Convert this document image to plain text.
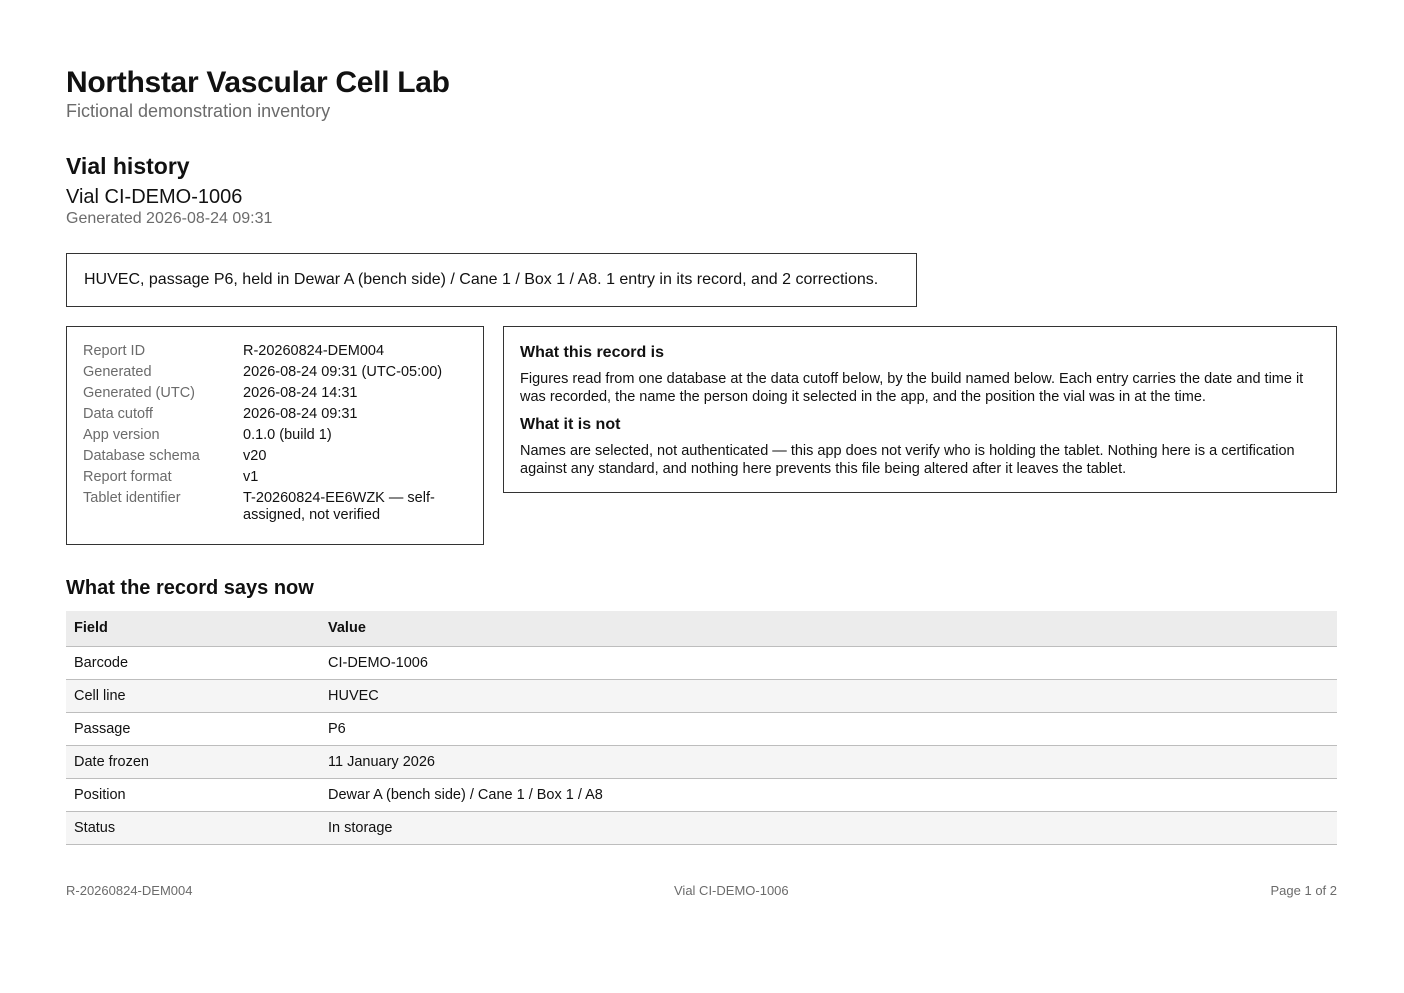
Northstar Vascular Cell Lab
Fictional demonstration inventory
Vial history
Vial CI-DEMO-1006
Generated 2026-08-24 09:31
HUVEC, passage P6, held in Dewar A (bench side) / Cane 1 / Box 1 / A8. 1 entry in its record, and 2 corrections.
Report ID	R-20260824-DEM004
Generated	2026-08-24 09:31 (UTC-05:00)
Generated (UTC)	2026-08-24 14:31
Data cutoff	2026-08-24 09:31
App version	0.1.0 (build 1)
Database schema	v20
Report format	v1
Tablet identifier	T-20260824-EE6WZK — self-assigned, not verified
What this record is
Figures read from one database at the data cutoff below, by the build named below. Each entry carries the date and time it was recorded, the name the person doing it selected in the app, and the position the vial was in at the time.
What it is not
Names are selected, not authenticated — this app does not verify who is holding the tablet. Nothing here is a certification against any standard, and nothing here prevents this file being altered after it leaves the tablet.
What the record says now
Field	Value
Barcode	CI-DEMO-1006
Cell line	HUVEC
Passage	P6
Date frozen	11 January 2026
Position	Dewar A (bench side) / Cane 1 / Box 1 / A8
Status	In storage
R-20260824-DEM004	Vial CI-DEMO-1006	Page 1 of 2
